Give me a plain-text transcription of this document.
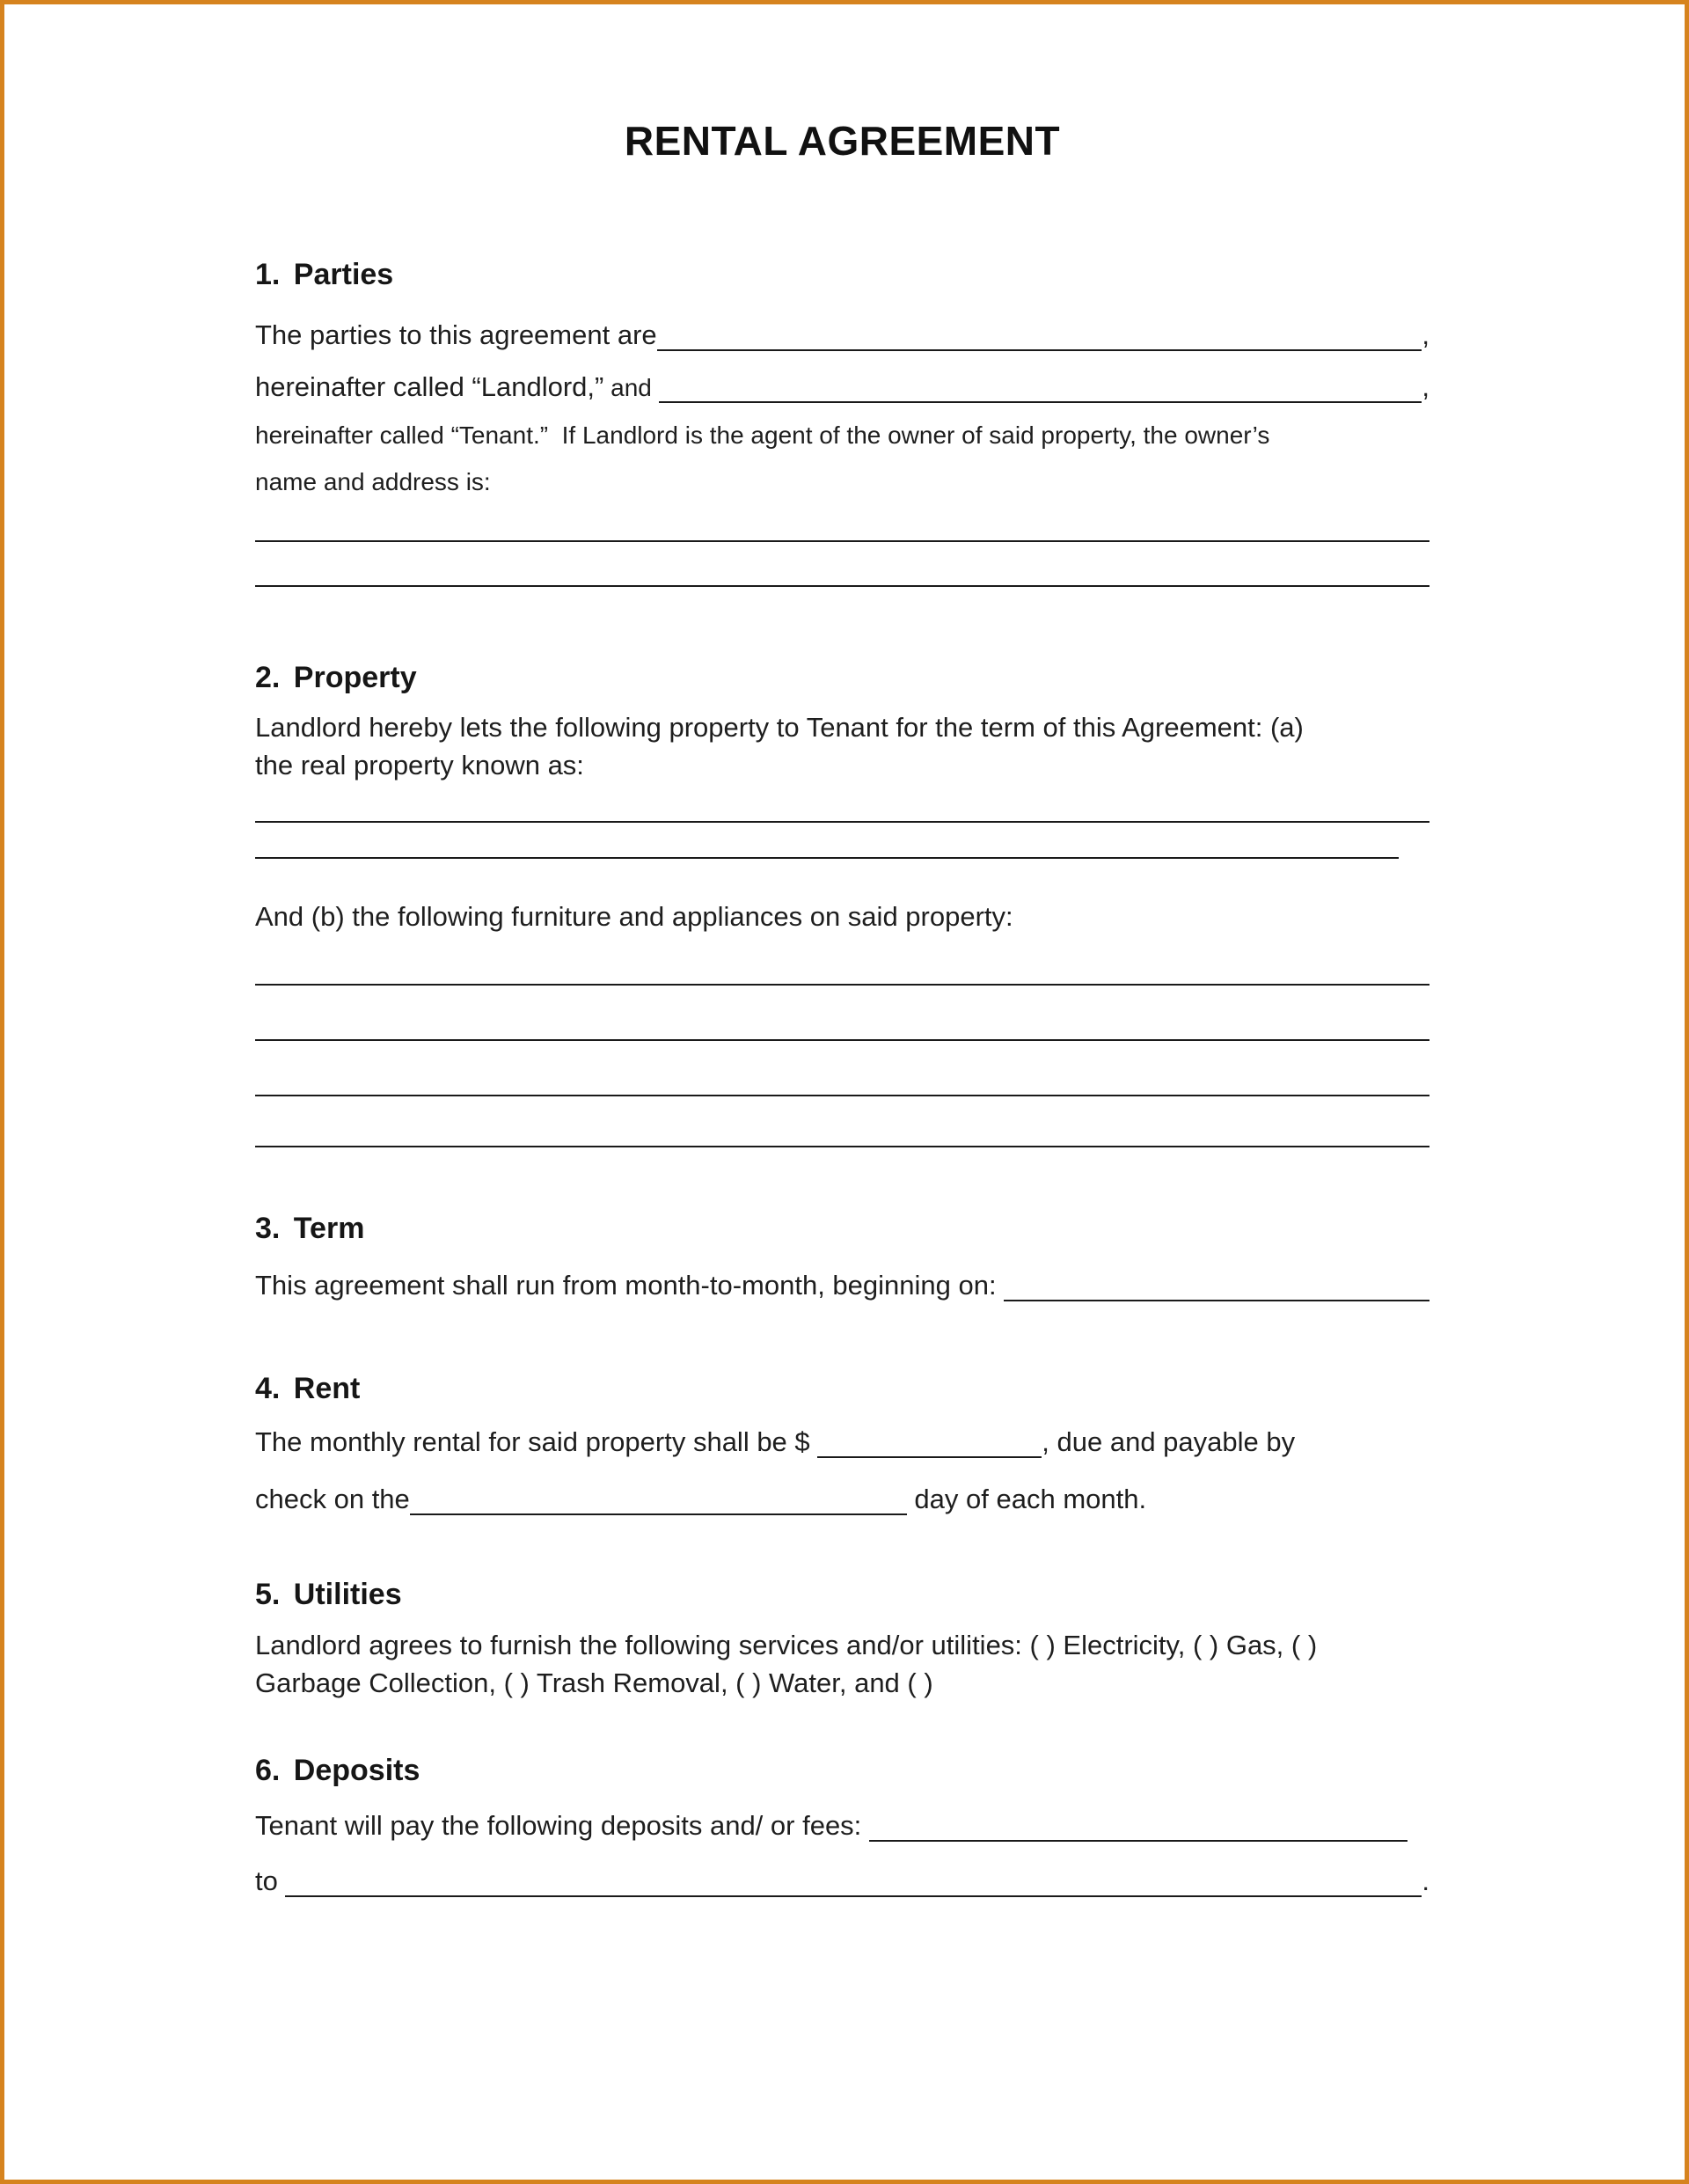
RENTAL AGREEMENT
1. Parties
The parties to this agreement are	,
hereinafter called “Landlord,” and	,
hereinafter called “Tenant.”  If Landlord is the agent of the owner of said property, the owner’s
name and address is:
2. Property
Landlord hereby lets the following property to Tenant for the term of this Agreement: (a)
the real property known as:
And (b) the following furniture and appliances on said property:
3. Term
This agreement shall run from month-to-month, beginning on:
4. Rent
The monthly rental for said property shall be $	, due and payable by
check on the	day of each month.
5. Utilities
Landlord agrees to furnish the following services and/or utilities: ( ) Electricity, ( ) Gas, ( )
Garbage Collection, ( ) Trash Removal, ( ) Water, and ( )
6. Deposits
Tenant will pay the following deposits and/ or fees:
to	.
